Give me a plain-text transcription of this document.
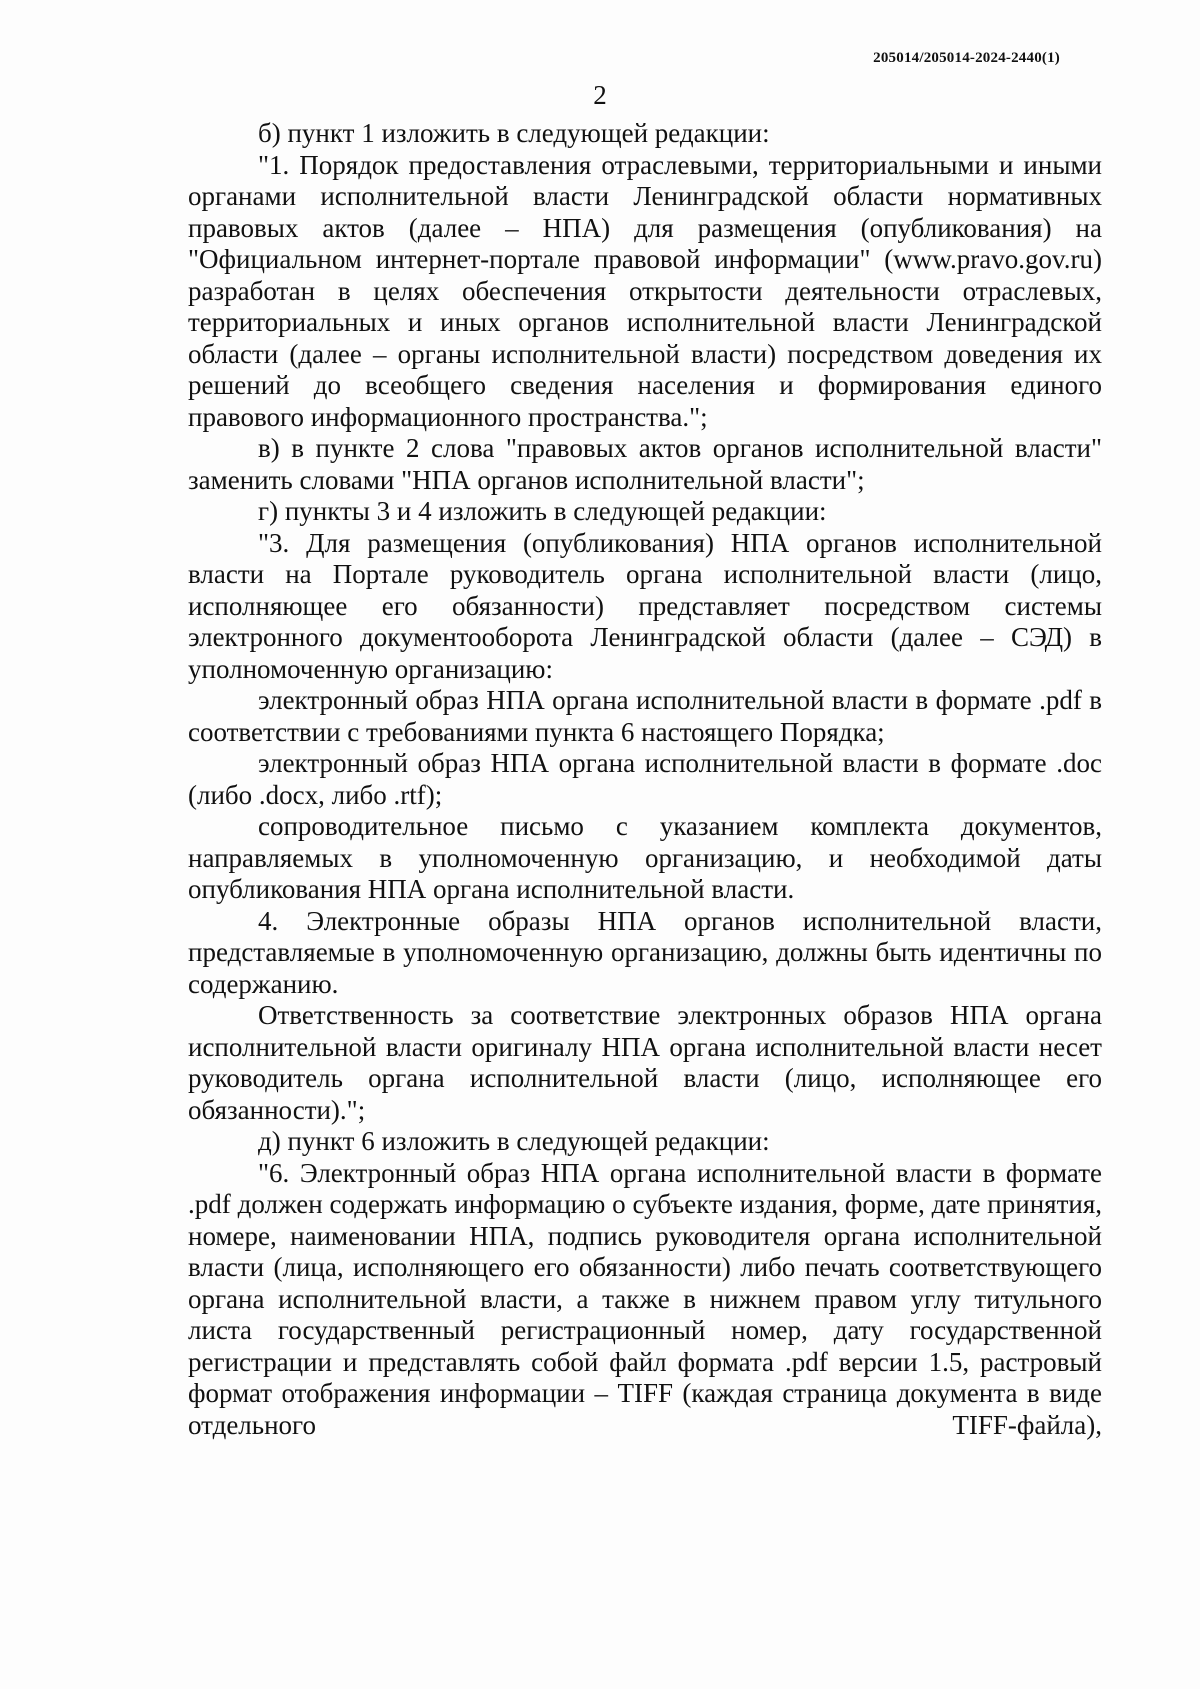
205014/205014-2024-2440(1)
2

б) пункт 1 изложить в следующей редакции:

"1. Порядок предоставления отраслевыми, территориальными и иными органами исполнительной власти Ленинградской области нормативных правовых актов (далее – НПА) для размещения (опубликования) на "Официальном интернет-портале правовой информации" (www.pravo.gov.ru) разработан в целях обеспечения открытости деятельности отраслевых, территориальных и иных органов исполнительной власти Ленинградской области (далее – органы исполнительной власти) посредством доведения их решений до всеобщего сведения населения и формирования единого правового информационного пространства.";

в) в пункте 2 слова "правовых актов органов исполнительной власти" заменить словами "НПА органов исполнительной власти";

г) пункты 3 и 4 изложить в следующей редакции:

"3. Для размещения (опубликования) НПА органов исполнительной власти на Портале руководитель органа исполнительной власти (лицо, исполняющее его обязанности) представляет посредством системы электронного документооборота Ленинградской области (далее – СЭД) в уполномоченную организацию:

электронный образ НПА органа исполнительной власти в формате .pdf в соответствии с требованиями пункта 6 настоящего Порядка;

электронный образ НПА органа исполнительной власти в формате .doc (либо .docx, либо .rtf);

сопроводительное письмо с указанием комплекта документов, направляемых в уполномоченную организацию, и необходимой даты опубликования НПА органа исполнительной власти.

4. Электронные образы НПА органов исполнительной власти, представляемые в уполномоченную организацию, должны быть идентичны по содержанию.

Ответственность за соответствие электронных образов НПА органа исполнительной власти оригиналу НПА органа исполнительной власти несет руководитель органа исполнительной власти (лицо, исполняющее его обязанности).";

д) пункт 6 изложить в следующей редакции:

"6. Электронный образ НПА органа исполнительной власти в формате .pdf должен содержать информацию о субъекте издания, форме, дате принятия, номере, наименовании НПА, подпись руководителя органа исполнительной власти (лица, исполняющего его обязанности) либо печать соответствующего органа исполнительной власти, а также в нижнем правом углу титульного листа государственный регистрационный номер, дату государственной регистрации и представлять собой файл формата .pdf версии 1.5, растровый формат отображения информации – TIFF (каждая страница документа в виде отдельного TIFF-файла),
